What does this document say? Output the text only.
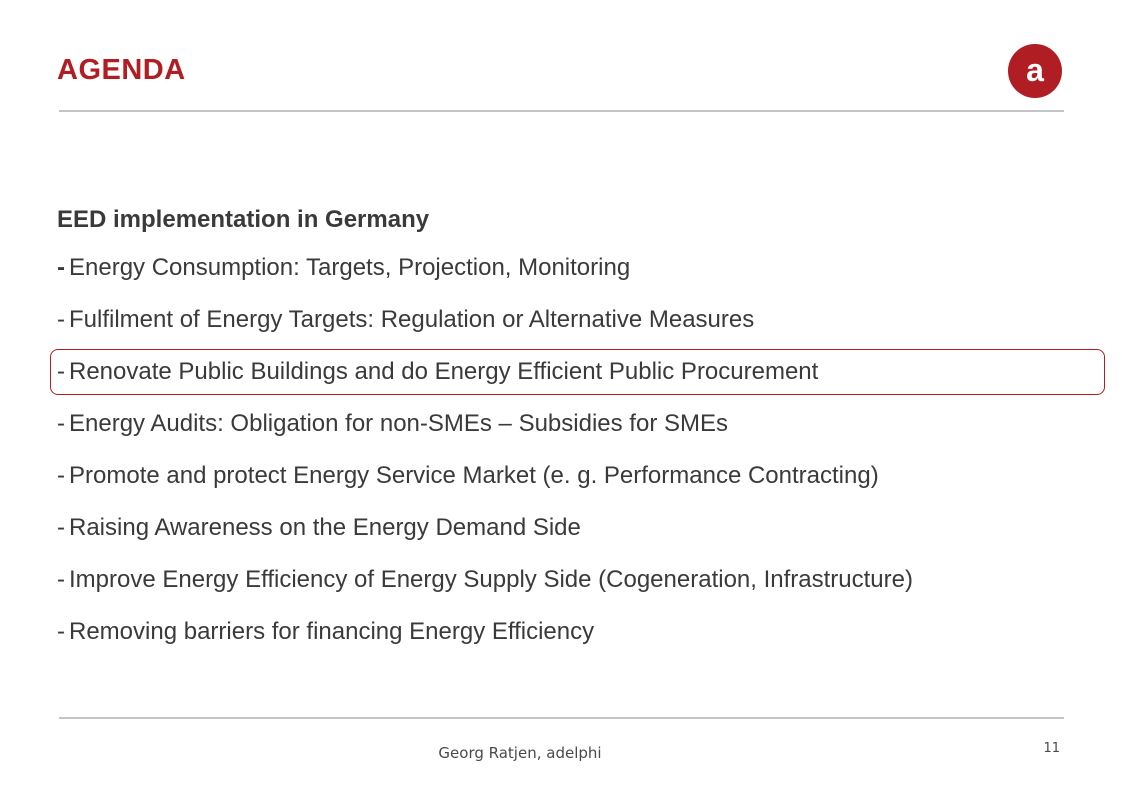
AGENDA	a
EED implementation in Germany
- Energy Consumption: Targets, Projection, Monitoring
- Fulfilment of Energy Targets: Regulation or Alternative Measures
- Renovate Public Buildings and do Energy Efficient Public Procurement
- Energy Audits: Obligation for non-SMEs – Subsidies for SMEs
- Promote and protect Energy Service Market (e. g. Performance Contracting)
- Raising Awareness on the Energy Demand Side
- Improve Energy Efficiency of Energy Supply Side (Cogeneration, Infrastructure)
- Removing barriers for financing Energy Efficiency
Georg Ratjen, adelphi	11
